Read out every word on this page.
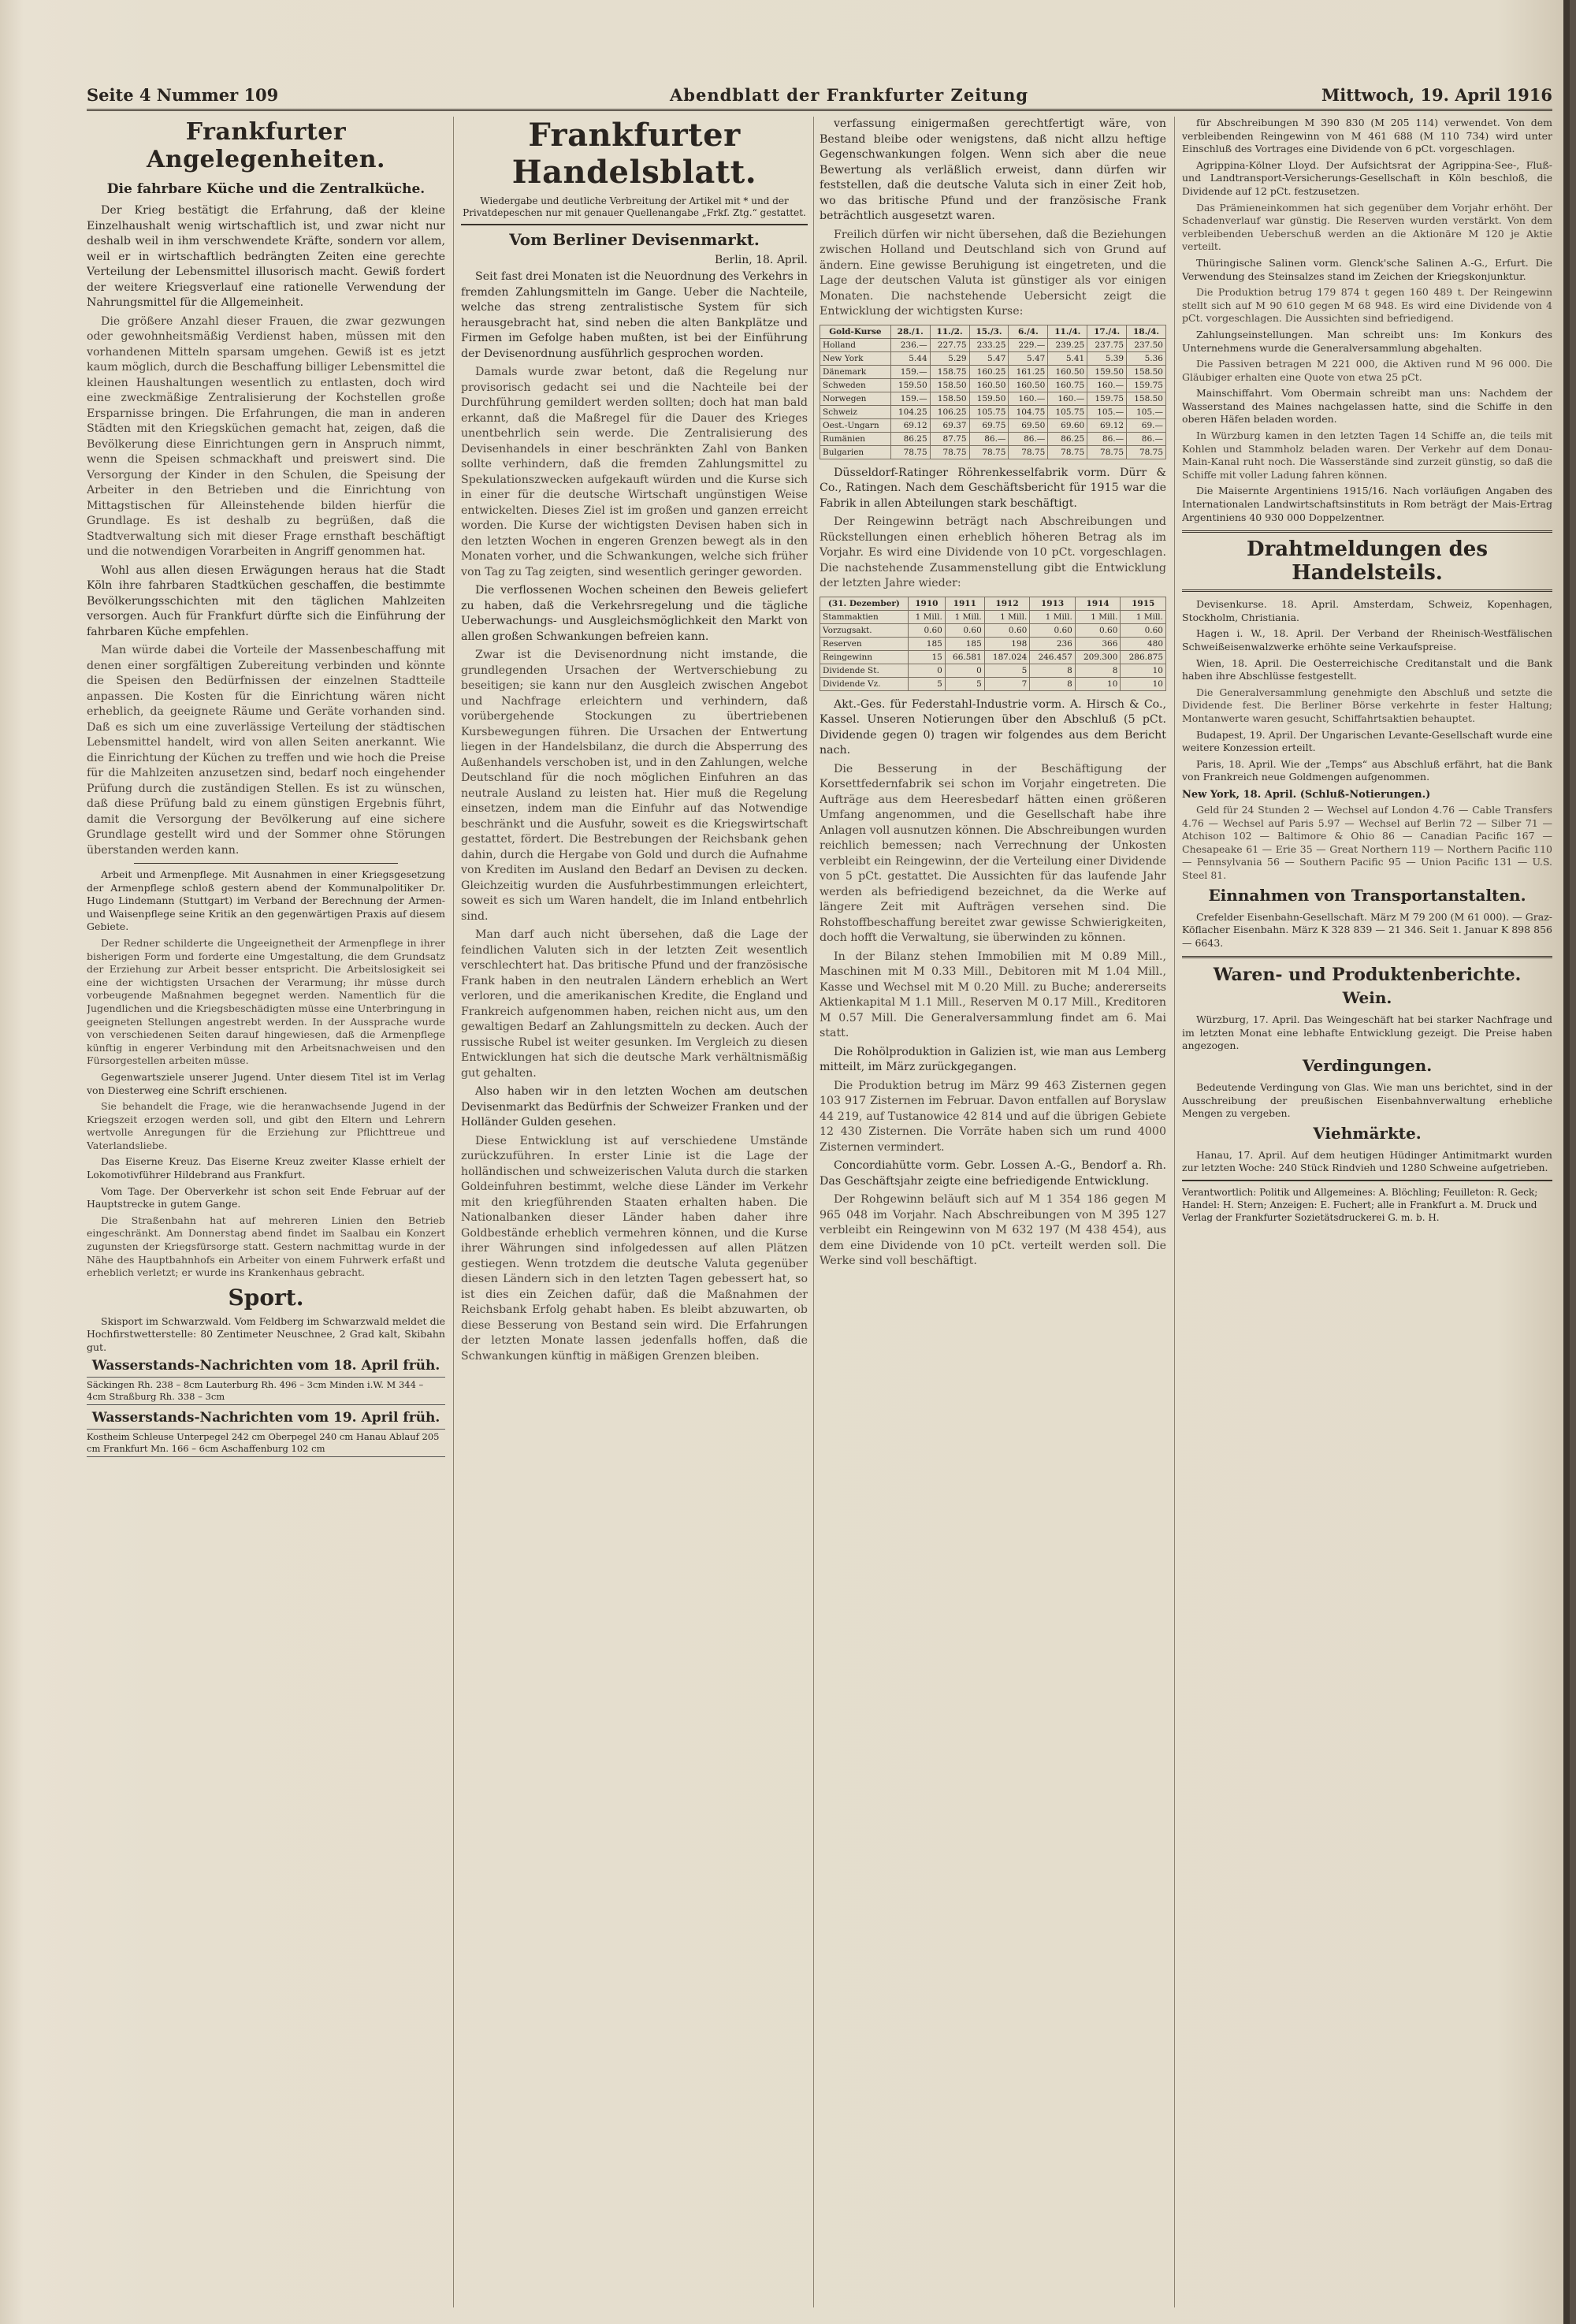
Seite 4 Nummer 109	Abendblatt der Frankfurter Zeitung	Mittwoch, 19. April 1916
Frankfurter Angelegenheiten.
Die fahrbare Küche und die Zentralküche.

Der Krieg bestätigt die Erfahrung, daß der kleine Einzelhaushalt wenig wirtschaftlich ist, und zwar nicht nur deshalb weil in ihm verschwendete Kräfte, sondern vor allem, weil er in wirtschaftlich bedrängten Zeiten eine gerechte Verteilung der Lebensmittel illusorisch macht. Gewiß fordert der weitere Kriegsverlauf eine rationelle Verwendung der Nahrungsmittel für die Allgemeinheit.

Die größere Anzahl dieser Frauen, die zwar gezwungen oder gewohnheitsmäßig Verdienst haben, müssen mit den vorhandenen Mitteln sparsam umgehen. Gewiß ist es jetzt kaum möglich, durch die Beschaffung billiger Lebensmittel die kleinen Haushaltungen wesentlich zu entlasten, doch wird eine zweckmäßige Zentralisierung der Kochstellen große Ersparnisse bringen. Die Erfahrungen, die man in anderen Städten mit den Kriegsküchen gemacht hat, zeigen, daß die Bevölkerung diese Einrichtungen gern in Anspruch nimmt, wenn die Speisen schmackhaft und preiswert sind. Die Versorgung der Kinder in den Schulen, die Speisung der Arbeiter in den Betrieben und die Einrichtung von Mittagstischen für Alleinstehende bilden hierfür die Grundlage. Es ist deshalb zu begrüßen, daß die Stadtverwaltung sich mit dieser Frage ernsthaft beschäftigt und die notwendigen Vorarbeiten in Angriff genommen hat.

Wohl aus allen diesen Erwägungen heraus hat die Stadt Köln ihre fahrbaren Stadtküchen geschaffen, die bestimmte Bevölkerungsschichten mit den täglichen Mahlzeiten versorgen. Auch für Frankfurt dürfte sich die Einführung der fahrbaren Küche empfehlen.

Man würde dabei die Vorteile der Massenbeschaffung mit denen einer sorgfältigen Zubereitung verbinden und könnte die Speisen den Bedürfnissen der einzelnen Stadtteile anpassen. Die Kosten für die Einrichtung wären nicht erheblich, da geeignete Räume und Geräte vorhanden sind. Daß es sich um eine zuverlässige Verteilung der städtischen Lebensmittel handelt, wird von allen Seiten anerkannt. Wie die Einrichtung der Küchen zu treffen und wie hoch die Preise für die Mahlzeiten anzusetzen sind, bedarf noch eingehender Prüfung durch die zuständigen Stellen. Es ist zu wünschen, daß diese Prüfung bald zu einem günstigen Ergebnis führt, damit die Versorgung der Bevölkerung auf eine sichere Grundlage gestellt wird und der Sommer ohne Störungen überstanden werden kann.

Arbeit und Armenpflege. Mit Ausnahmen in einer Kriegsgesetzung der Armenpflege schloß gestern abend der Kommunalpolitiker Dr. Hugo Lindemann (Stuttgart) im Verband der Berechnung der Armen- und Waisenpflege seine Kritik an den gegenwärtigen Praxis auf diesem Gebiete.

Der Redner schilderte die Ungeeignetheit der Armenpflege in ihrer bisherigen Form und forderte eine Umgestaltung, die dem Grundsatz der Erziehung zur Arbeit besser entspricht. Die Arbeitslosigkeit sei eine der wichtigsten Ursachen der Verarmung; ihr müsse durch vorbeugende Maßnahmen begegnet werden. Namentlich für die Jugendlichen und die Kriegsbeschädigten müsse eine Unterbringung in geeigneten Stellungen angestrebt werden. In der Aussprache wurde von verschiedenen Seiten darauf hingewiesen, daß die Armenpflege künftig in engerer Verbindung mit den Arbeitsnachweisen und den Fürsorgestellen arbeiten müsse.

Gegenwartsziele unserer Jugend. Unter diesem Titel ist im Verlag von Diesterweg eine Schrift erschienen.

Sie behandelt die Frage, wie die heranwachsende Jugend in der Kriegszeit erzogen werden soll, und gibt den Eltern und Lehrern wertvolle Anregungen für die Erziehung zur Pflichttreue und Vaterlandsliebe.

Das Eiserne Kreuz. Das Eiserne Kreuz zweiter Klasse erhielt der Lokomotivführer Hildebrand aus Frankfurt.

Vom Tage. Der Oberverkehr ist schon seit Ende Februar auf der Hauptstrecke in gutem Gange.

Die Straßenbahn hat auf mehreren Linien den Betrieb eingeschränkt. Am Donnerstag abend findet im Saalbau ein Konzert zugunsten der Kriegsfürsorge statt. Gestern nachmittag wurde in der Nähe des Hauptbahnhofs ein Arbeiter von einem Fuhrwerk erfaßt und erheblich verletzt; er wurde ins Krankenhaus gebracht.

Sport.

Skisport im Schwarzwald. Vom Feldberg im Schwarzwald meldet die Hochfirstwetterstelle: 80 Zentimeter Neuschnee, 2 Grad kalt, Skibahn gut.

Wasserstands-Nachrichten vom 18. April früh.
Säckingen Rh. 238 – 8cm Lauterburg Rh. 496 – 3cm Minden i.W. M 344 – 4cm Straßburg Rh. 338 – 3cm
Wasserstands-Nachrichten vom 19. April früh.
Kostheim Schleuse Unterpegel 242 cm Oberpegel 240 cm Hanau Ablauf 205 cm Frankfurt Mn. 166 – 6cm Aschaffenburg 102 cm
Frankfurter Handelsblatt.
Wiedergabe und deutliche Verbreitung der Artikel mit * und der Privatdepeschen nur mit genauer Quellenangabe „Frkf. Ztg.“ gestattet.
Vom Berliner Devisenmarkt.
Berlin, 18. April.

Seit fast drei Monaten ist die Neuordnung des Verkehrs in fremden Zahlungsmitteln im Gange. Ueber die Nachteile, welche das streng zentralistische System für sich herausgebracht hat, sind neben die alten Bankplätze und Firmen im Gefolge haben mußten, ist bei der Einführung der Devisenordnung ausführlich gesprochen worden.

Damals wurde zwar betont, daß die Regelung nur provisorisch gedacht sei und die Nachteile bei der Durchführung gemildert werden sollten; doch hat man bald erkannt, daß die Maßregel für die Dauer des Krieges unentbehrlich sein werde. Die Zentralisierung des Devisenhandels in einer beschränkten Zahl von Banken sollte verhindern, daß die fremden Zahlungsmittel zu Spekulationszwecken aufgekauft würden und die Kurse sich in einer für die deutsche Wirtschaft ungünstigen Weise entwickelten. Dieses Ziel ist im großen und ganzen erreicht worden. Die Kurse der wichtigsten Devisen haben sich in den letzten Wochen in engeren Grenzen bewegt als in den Monaten vorher, und die Schwankungen, welche sich früher von Tag zu Tag zeigten, sind wesentlich geringer geworden.

Die verflossenen Wochen scheinen den Beweis geliefert zu haben, daß die Verkehrsregelung und die tägliche Ueberwachungs- und Ausgleichsmöglichkeit den Markt von allen großen Schwankungen befreien kann.

Zwar ist die Devisenordnung nicht imstande, die grundlegenden Ursachen der Wertverschiebung zu beseitigen; sie kann nur den Ausgleich zwischen Angebot und Nachfrage erleichtern und verhindern, daß vorübergehende Stockungen zu übertriebenen Kursbewegungen führen. Die Ursachen der Entwertung liegen in der Handelsbilanz, die durch die Absperrung des Außenhandels verschoben ist, und in den Zahlungen, welche Deutschland für die noch möglichen Einfuhren an das neutrale Ausland zu leisten hat. Hier muß die Regelung einsetzen, indem man die Einfuhr auf das Notwendige beschränkt und die Ausfuhr, soweit es die Kriegswirtschaft gestattet, fördert. Die Bestrebungen der Reichsbank gehen dahin, durch die Hergabe von Gold und durch die Aufnahme von Krediten im Ausland den Bedarf an Devisen zu decken. Gleichzeitig wurden die Ausfuhrbestimmungen erleichtert, soweit es sich um Waren handelt, die im Inland entbehrlich sind.

Man darf auch nicht übersehen, daß die Lage der feindlichen Valuten sich in der letzten Zeit wesentlich verschlechtert hat. Das britische Pfund und der französische Frank haben in den neutralen Ländern erheblich an Wert verloren, und die amerikanischen Kredite, die England und Frankreich aufgenommen haben, reichen nicht aus, um den gewaltigen Bedarf an Zahlungsmitteln zu decken. Auch der russische Rubel ist weiter gesunken. Im Vergleich zu diesen Entwicklungen hat sich die deutsche Mark verhältnismäßig gut gehalten.

Also haben wir in den letzten Wochen am deutschen Devisenmarkt das Bedürfnis der Schweizer Franken und der Holländer Gulden gesehen.

Diese Entwicklung ist auf verschiedene Umstände zurückzuführen. In erster Linie ist die Lage der holländischen und schweizerischen Valuta durch die starken Goldeinfuhren bestimmt, welche diese Länder im Verkehr mit den kriegführenden Staaten erhalten haben. Die Nationalbanken dieser Länder haben daher ihre Goldbestände erheblich vermehren können, und die Kurse ihrer Währungen sind infolgedessen auf allen Plätzen gestiegen. Wenn trotzdem die deutsche Valuta gegenüber diesen Ländern sich in den letzten Tagen gebessert hat, so ist dies ein Zeichen dafür, daß die Maßnahmen der Reichsbank Erfolg gehabt haben. Es bleibt abzuwarten, ob diese Besserung von Bestand sein wird. Die Erfahrungen der letzten Monate lassen jedenfalls hoffen, daß die Schwankungen künftig in mäßigen Grenzen bleiben.

verfassung einigermaßen gerechtfertigt wäre, von Bestand bleibe oder wenigstens, daß nicht allzu heftige Gegenschwankungen folgen. Wenn sich aber die neue Bewertung als verläßlich erweist, dann dürfen wir feststellen, daß die deutsche Valuta sich in einer Zeit hob, wo das britische Pfund und der französische Frank beträchtlich ausgesetzt waren.

Freilich dürfen wir nicht übersehen, daß die Beziehungen zwischen Holland und Deutschland sich von Grund auf ändern. Eine gewisse Beruhigung ist eingetreten, und die Lage der deutschen Valuta ist günstiger als vor einigen Monaten. Die nachstehende Uebersicht zeigt die Entwicklung der wichtigsten Kurse:

Gold-Kurse	28./1.	11./2.	15./3.	6./4.	11./4.	17./4.	18./4.
Holland	236.—	227.75	233.25	229.—	239.25	237.75	237.50
New York	5.44	5.29	5.47	5.47	5.41	5.39	5.36
Dänemark	159.—	158.75	160.25	161.25	160.50	159.50	158.50
Schweden	159.50	158.50	160.50	160.50	160.75	160.—	159.75
Norwegen	159.—	158.50	159.50	160.—	160.—	159.75	158.50
Schweiz	104.25	106.25	105.75	104.75	105.75	105.—	105.—
Oest.-Ungarn	69.12	69.37	69.75	69.50	69.60	69.12	69.—
Rumänien	86.25	87.75	86.—	86.—	86.25	86.—	86.—
Bulgarien	78.75	78.75	78.75	78.75	78.75	78.75	78.75

Düsseldorf-Ratinger Röhrenkesselfabrik vorm. Dürr & Co., Ratingen. Nach dem Geschäftsbericht für 1915 war die Fabrik in allen Abteilungen stark beschäftigt.

Der Reingewinn beträgt nach Abschreibungen und Rückstellungen einen erheblich höheren Betrag als im Vorjahr. Es wird eine Dividende von 10 pCt. vorgeschlagen. Die nachstehende Zusammenstellung gibt die Entwicklung der letzten Jahre wieder:

(31. Dezember)	1910	1911	1912	1913	1914	1915
Stammaktien	1 Mill.	1 Mill.	1 Mill.	1 Mill.	1 Mill.	1 Mill.
Vorzugsakt.	0.60	0.60	0.60	0.60	0.60	0.60
Reserven	185	185	198	236	366	480
Reingewinn	15	66.581	187.024	246.457	209.300	286.875
Dividende St.	0	0	5	8	8	10
Dividende Vz.	5	5	7	8	10	10

Akt.-Ges. für Federstahl-Industrie vorm. A. Hirsch & Co., Kassel. Unseren Notierungen über den Abschluß (5 pCt. Dividende gegen 0) tragen wir folgendes aus dem Bericht nach.

Die Besserung in der Beschäftigung der Korsettfedernfabrik sei schon im Vorjahr eingetreten. Die Aufträge aus dem Heeresbedarf hätten einen größeren Umfang angenommen, und die Gesellschaft habe ihre Anlagen voll ausnutzen können. Die Abschreibungen wurden reichlich bemessen; nach Verrechnung der Unkosten verbleibt ein Reingewinn, der die Verteilung einer Dividende von 5 pCt. gestattet. Die Aussichten für das laufende Jahr werden als befriedigend bezeichnet, da die Werke auf längere Zeit mit Aufträgen versehen sind. Die Rohstoffbeschaffung bereitet zwar gewisse Schwierigkeiten, doch hofft die Verwaltung, sie überwinden zu können.

In der Bilanz stehen Immobilien mit M 0.89 Mill., Maschinen mit M 0.33 Mill., Debitoren mit M 1.04 Mill., Kasse und Wechsel mit M 0.20 Mill. zu Buche; andererseits Aktienkapital M 1.1 Mill., Reserven M 0.17 Mill., Kreditoren M 0.57 Mill. Die Generalversammlung findet am 6. Mai statt.

Die Rohölproduktion in Galizien ist, wie man aus Lemberg mitteilt, im März zurückgegangen.

Die Produktion betrug im März 99 463 Zisternen gegen 103 917 Zisternen im Februar. Davon entfallen auf Boryslaw 44 219, auf Tustanowice 42 814 und auf die übrigen Gebiete 12 430 Zisternen. Die Vorräte haben sich um rund 4000 Zisternen vermindert.

Concordiahütte vorm. Gebr. Lossen A.-G., Bendorf a. Rh. Das Geschäftsjahr zeigte eine befriedigende Entwicklung.

Der Rohgewinn beläuft sich auf M 1 354 186 gegen M 965 048 im Vorjahr. Nach Abschreibungen von M 395 127 verbleibt ein Reingewinn von M 632 197 (M 438 454), aus dem eine Dividende von 10 pCt. verteilt werden soll. Die Werke sind voll beschäftigt.

für Abschreibungen M 390 830 (M 205 114) verwendet. Von dem verbleibenden Reingewinn von M 461 688 (M 110 734) wird unter Einschluß des Vortrages eine Dividende von 6 pCt. vorgeschlagen.

Agrippina-Kölner Lloyd. Der Aufsichtsrat der Agrippina-See-, Fluß- und Landtransport-Versicherungs-Gesellschaft in Köln beschloß, die Dividende auf 12 pCt. festzusetzen.

Das Prämieneinkommen hat sich gegenüber dem Vorjahr erhöht. Der Schadenverlauf war günstig. Die Reserven wurden verstärkt. Von dem verbleibenden Ueberschuß werden an die Aktionäre M 120 je Aktie verteilt.

Thüringische Salinen vorm. Glenck'sche Salinen A.-G., Erfurt. Die Verwendung des Steinsalzes stand im Zeichen der Kriegskonjunktur.

Die Produktion betrug 179 874 t gegen 160 489 t. Der Reingewinn stellt sich auf M 90 610 gegen M 68 948. Es wird eine Dividende von 4 pCt. vorgeschlagen. Die Aussichten sind befriedigend.

Zahlungseinstellungen. Man schreibt uns: Im Konkurs des Unternehmens wurde die Generalversammlung abgehalten.

Die Passiven betragen M 221 000, die Aktiven rund M 96 000. Die Gläubiger erhalten eine Quote von etwa 25 pCt.

Mainschiffahrt. Vom Obermain schreibt man uns: Nachdem der Wasserstand des Maines nachgelassen hatte, sind die Schiffe in den oberen Häfen beladen worden.

In Würzburg kamen in den letzten Tagen 14 Schiffe an, die teils mit Kohlen und Stammholz beladen waren. Der Verkehr auf dem Donau-Main-Kanal ruht noch. Die Wasserstände sind zurzeit günstig, so daß die Schiffe mit voller Ladung fahren können.

Die Maisernte Argentiniens 1915/16. Nach vorläufigen Angaben des Internationalen Landwirtschaftsinstituts in Rom beträgt der Mais-Ertrag Argentiniens 40 930 000 Doppelzentner.

Drahtmeldungen des Handelsteils.

Devisenkurse. 18. April. Amsterdam, Schweiz, Kopenhagen, Stockholm, Christiania.

Hagen i. W., 18. April. Der Verband der Rheinisch-Westfälischen Schweißeisenwalzwerke erhöhte seine Verkaufspreise.

Wien, 18. April. Die Oesterreichische Creditanstalt und die Bank haben ihre Abschlüsse festgestellt.

Die Generalversammlung genehmigte den Abschluß und setzte die Dividende fest. Die Berliner Börse verkehrte in fester Haltung; Montanwerte waren gesucht, Schiffahrtsaktien behauptet.

Budapest, 19. April. Der Ungarischen Levante-Gesellschaft wurde eine weitere Konzession erteilt.

Paris, 18. April. Wie der „Temps“ aus Abschluß erfährt, hat die Bank von Frankreich neue Goldmengen aufgenommen.

New York, 18. April. (Schluß-Notierungen.)

Geld für 24 Stunden 2 — Wechsel auf London 4.76 — Cable Transfers 4.76 — Wechsel auf Paris 5.97 — Wechsel auf Berlin 72 — Silber 71 — Atchison 102 — Baltimore & Ohio 86 — Canadian Pacific 167 — Chesapeake 61 — Erie 35 — Great Northern 119 — Northern Pacific 110 — Pennsylvania 56 — Southern Pacific 95 — Union Pacific 131 — U.S. Steel 81.

Einnahmen von Transportanstalten.

Crefelder Eisenbahn-Gesellschaft. März M 79 200 (M 61 000). — Graz-Köflacher Eisenbahn. März K 328 839 — 21 346. Seit 1. Januar K 898 856 — 6643.

Waren- und Produktenberichte.
Wein.

Würzburg, 17. April. Das Weingeschäft hat bei starker Nachfrage und im letzten Monat eine lebhafte Entwicklung gezeigt. Die Preise haben angezogen.

Verdingungen.

Bedeutende Verdingung von Glas. Wie man uns berichtet, sind in der Ausschreibung der preußischen Eisenbahnverwaltung erhebliche Mengen zu vergeben.

Viehmärkte.

Hanau, 17. April. Auf dem heutigen Hüdinger Antimitmarkt wurden zur letzten Woche: 240 Stück Rindvieh und 1280 Schweine aufgetrieben.

Verantwortlich: Politik und Allgemeines: A. Blöchling; Feuilleton: R. Geck; Handel: H. Stern; Anzeigen: E. Fuchert; alle in Frankfurt a. M. Druck und Verlag der Frankfurter Sozietätsdruckerei G. m. b. H.
